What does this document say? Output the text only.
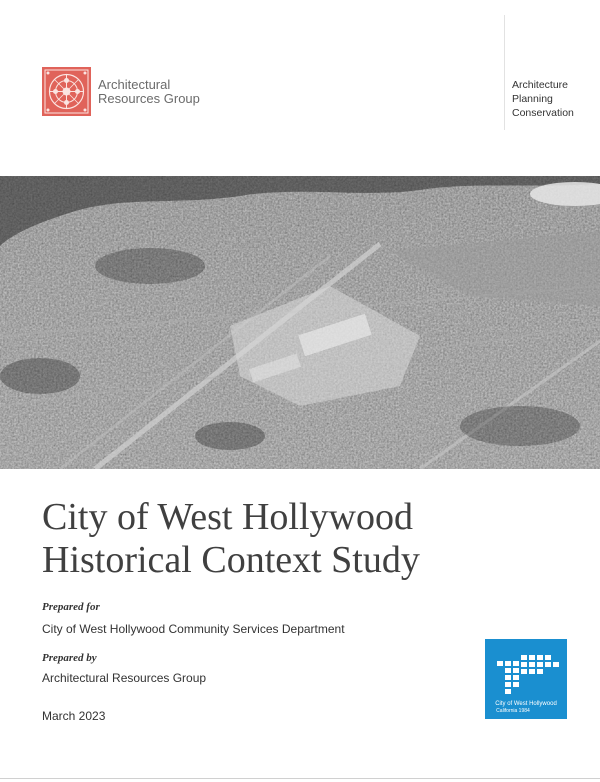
Architectural
Resources Group
Architecture
Planning
Conservation
City of West Hollywood
Historical Context Study
Prepared for
City of West Hollywood Community Services Department
Prepared by
Architectural Resources Group
March 2023
City of West Hollywood
California 1984
